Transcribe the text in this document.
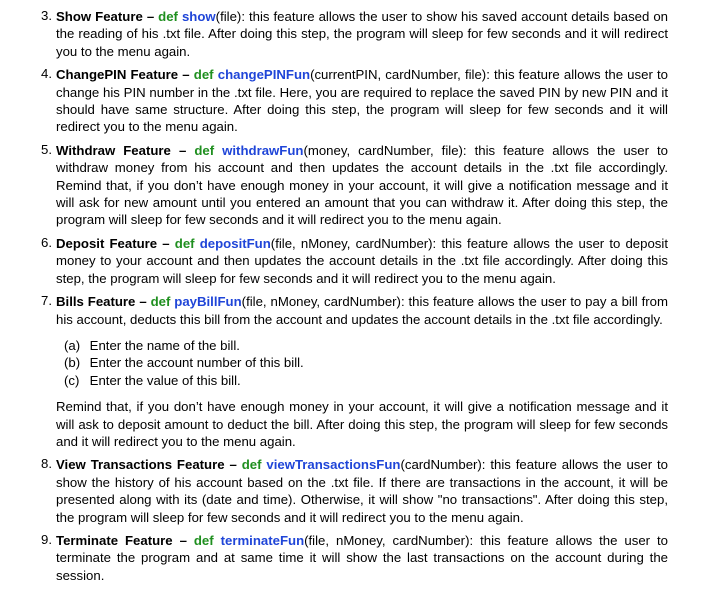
3. Show Feature – def show(file): this feature allows the user to show his saved account details based on the reading of his .txt file. After doing this step, the program will sleep for few seconds and it will redirect you to the menu again.
4. ChangePIN Feature – def changePINFun(currentPIN, cardNumber, file): this feature allows the user to change his PIN number in the .txt file. Here, you are required to replace the saved PIN by new PIN and it should have same structure. After doing this step, the program will sleep for few seconds and it will redirect you to the menu again.
5. Withdraw Feature – def withdrawFun(money, cardNumber, file): this feature allows the user to withdraw money from his account and then updates the account details in the .txt file accordingly. Remind that, if you don’t have enough money in your account, it will give a notification message and it will ask for new amount until you entered an amount that you can withdraw it. After doing this step, the program will sleep for few seconds and it will redirect you to the menu again.
6. Deposit Feature – def depositFun(file, nMoney, cardNumber): this feature allows the user to deposit money to your account and then updates the account details in the .txt file accordingly. After doing this step, the program will sleep for few seconds and it will redirect you to the menu again.
7. Bills Feature – def payBillFun(file, nMoney, cardNumber): this feature allows the user to pay a bill from his account, deducts this bill from the account and updates the account details in the .txt file accordingly.
(a) Enter the name of the bill.
(b) Enter the account number of this bill.
(c) Enter the value of this bill.
Remind that, if you don’t have enough money in your account, it will give a notification message and it will ask to deposit amount to deduct the bill. After doing this step, the program will sleep for few seconds and it will redirect you to the menu again.
8. View Transactions Feature – def viewTransactionsFun(cardNumber): this feature allows the user to show the history of his account based on the .txt file. If there are transactions in the account, it will be presented along with its (date and time). Otherwise, it will show "no transactions". After doing this step, the program will sleep for few seconds and it will redirect you to the menu again.
9. Terminate Feature – def terminateFun(file, nMoney, cardNumber): this feature allows the user to terminate the program and at same time it will show the last transactions on the account during the session.
